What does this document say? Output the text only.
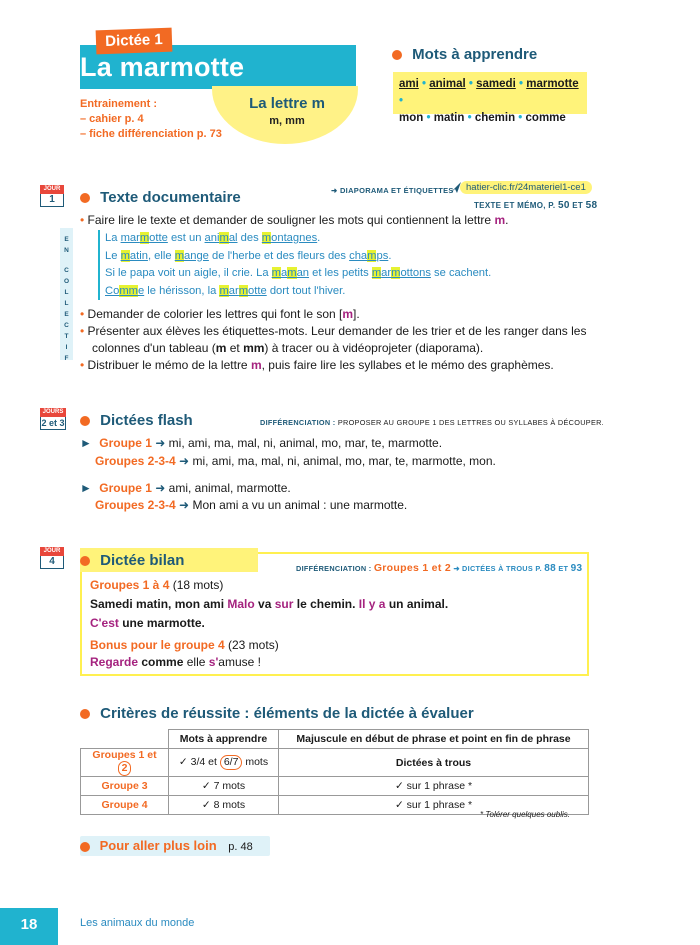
La marmotte
Dictée 1
La lettre m
m, mm
Entrainement :
– cahier p. 4
– fiche différenciation p. 73
Mots à apprendre
ami • animal • samedi • marmotte •
mon • matin • chemin • comme
JOUR
1	Texte documentaire	➜ DIAPORAMA ET ÉTIQUETTES	hatier-clic.fr/24materiel1-ce1
TEXTE ET MÉMO, P. 50 ET 58
• Faire lire le texte et demander de souligner les mots qui contiennent la lettre m.
E
N
C
O
L
L
E
C
T
I
F
La marmotte est un animal des montagnes.
Le matin, elle mange de l'herbe et des fleurs des champs.
Si le papa voit un aigle, il crie. La maman et les petits marmottons se cachent.
Comme le hérisson, la marmotte dort tout l'hiver.
• Demander de colorier les lettres qui font le son [m].
• Présenter aux élèves les étiquettes-mots. Leur demander de les trier et de les ranger dans les colonnes d'un tableau (m et mm) à tracer ou à vidéoprojeter (diaporama).
• Distribuer le mémo de la lettre m, puis faire lire les syllabes et le mémo des graphèmes.
JOURS
2 et 3	Dictées flash	DIFFÉRENCIATION : PROPOSER AU GROUPE 1 DES LETTRES OU SYLLABES À DÉCOUPER.
► Groupe 1 ➜ mi, ami, ma, mal, ni, animal, mo, mar, te, marmotte.
Groupes 2-3-4 ➜ mi, ami, ma, mal, ni, animal, mo, mar, te, marmotte, mon.
► Groupe 1 ➜ ami, animal, marmotte.
Groupes 2-3-4 ➜ Mon ami a vu un animal : une marmotte.
JOUR
4	Dictée bilan	DIFFÉRENCIATION : Groupes 1 et 2 ➜ DICTÉES À TROUS P. 88 ET 93
Groupes 1 à 4 (18 mots)
Samedi matin, mon ami Malo va sur le chemin. Il y a un animal.
C'est une marmotte.
Bonus pour le groupe 4 (23 mots)
Regarde comme elle s'amuse !
Critères de réussite : éléments de la dictée à évaluer
	Mots à apprendre	Majuscule en début de phrase et point en fin de phrase
Groupes 1 et 2	✓ 3/4 et 6/7 mots	Dictées à trous
Groupe 3	✓ 7 mots	✓ sur 1 phrase *
Groupe 4	✓ 8 mots	✓ sur 1 phrase *
* Tolérer quelques oublis.
Pour aller plus loin p. 48
18	Les animaux du monde
